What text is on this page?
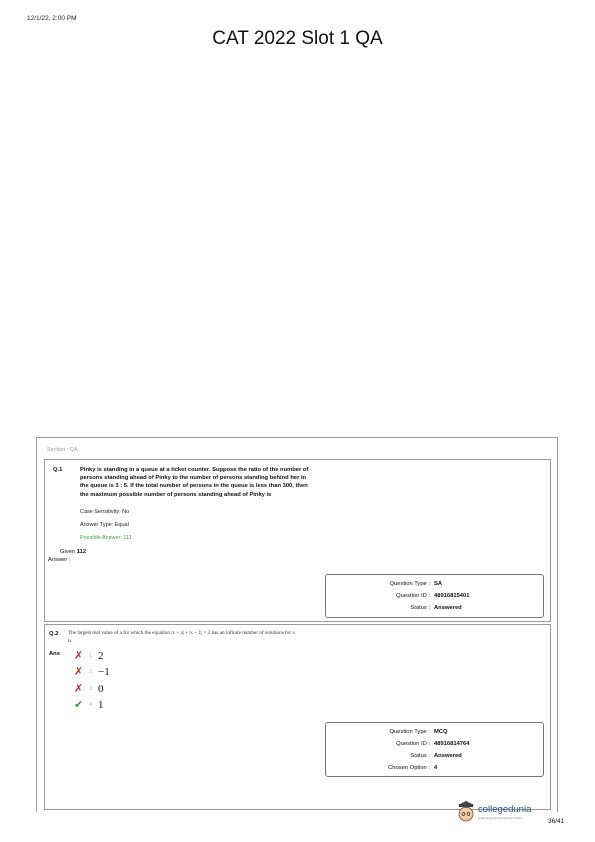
12/1/22, 2:00 PM
CAT 2022 Slot 1 QA
Section : QA
Q.1	Pinky is standing in a queue at a ticket counter. Suppose the ratio of the number of
persons standing ahead of Pinky to the number of persons standing behind her in
the queue is 3 : 5. If the total number of persons in the queue is less than 300, then
the maximum possible number of persons standing ahead of Pinky is
Case Sensitivity: No
Answer Type: Equal
Possible Answer: 111
Given 112
Answer :
Question Type : SA
Question ID : 48916815401
Status : Answered
Q.2 The largest real value of a for which the equation |x + a| + |x − 1| = 2 has an infinite number of solutions for x
is
Ans ✗ 1. 2
✗ 2. −1
✗ 3. 0
✔ 4. 1
Question Type : MCQ
Question ID : 48916814764
Status : Answered
Chosen Option : 4
collegedunia
India's largest Student Review Platform	36/41
